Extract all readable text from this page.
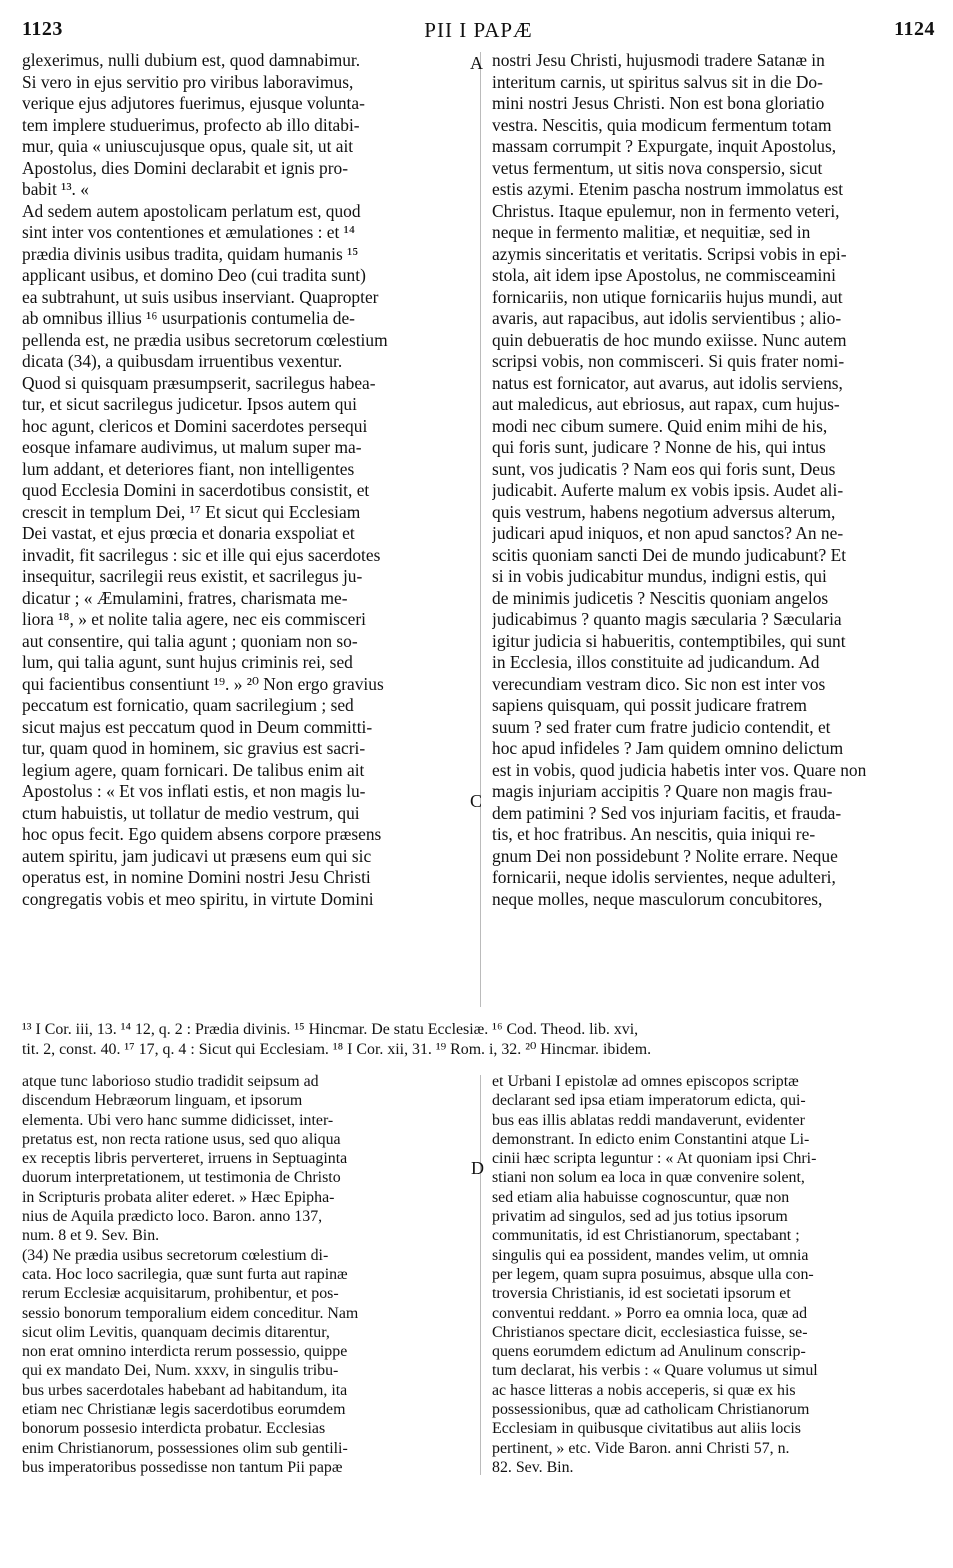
1123	PII I PAPÆ	1124
A
C
D
glexerimus, nulli dubium est, quod damnabimur.
Si vero in ejus servitio pro viribus laboravimus,
verique ejus adjutores fuerimus, ejusque volunta-
tem implere studuerimus, profecto ab illo ditabi-
mur, quia « uniuscujusque opus, quale sit, ut ait
Apostolus, dies Domini declarabit et ignis pro-
babit ¹³. «
Ad sedem autem apostolicam perlatum est, quod
sint inter vos contentiones et æmulationes : et ¹⁴
prædia divinis usibus tradita, quidam humanis ¹⁵
applicant usibus, et domino Deo (cui tradita sunt)
ea subtrahunt, ut suis usibus inserviant. Quapropter
ab omnibus illius ¹⁶ usurpationis contumelia de-
pellenda est, ne prædia usibus secretorum cœlestium
dicata (34), a quibusdam irruentibus vexentur.
Quod si quisquam præsumpserit, sacrilegus habea-
tur, et sicut sacrilegus judicetur. Ipsos autem qui
hoc agunt, clericos et Domini sacerdotes persequi
eosque infamare audivimus, ut malum super ma-
lum addant, et deteriores fiant, non intelligentes
quod Ecclesia Domini in sacerdotibus consistit, et
crescit in templum Dei, ¹⁷ Et sicut qui Ecclesiam
Dei vastat, et ejus prœcia et donaria exspoliat et
invadit, fit sacrilegus : sic et ille qui ejus sacerdotes
insequitur, sacrilegii reus existit, et sacrilegus ju-
dicatur ; « Æmulamini, fratres, charismata me-
liora ¹⁸, » et nolite talia agere, nec eis commisceri
aut consentire, qui talia agunt ; quoniam non so-
lum, qui talia agunt, sunt hujus criminis rei, sed
qui facientibus consentiunt ¹⁹. » ²⁰ Non ergo gravius
peccatum est fornicatio, quam sacrilegium ; sed
sicut majus est peccatum quod in Deum committi-
tur, quam quod in hominem, sic gravius est sacri-
legium agere, quam fornicari. De talibus enim ait
Apostolus : « Et vos inflati estis, et non magis lu-
ctum habuistis, ut tollatur de medio vestrum, qui
hoc opus fecit. Ego quidem absens corpore præsens
autem spiritu, jam judicavi ut præsens eum qui sic
operatus est, in nomine Domini nostri Jesu Christi
congregatis vobis et meo spiritu, in virtute Domini
nostri Jesu Christi, hujusmodi tradere Satanæ in
interitum carnis, ut spiritus salvus sit in die Do-
mini nostri Jesus Christi. Non est bona gloriatio
vestra. Nescitis, quia modicum fermentum totam
massam corrumpit ? Expurgate, inquit Apostolus,
vetus fermentum, ut sitis nova conspersio, sicut
estis azymi. Etenim pascha nostrum immolatus est
Christus. Itaque epulemur, non in fermento veteri,
neque in fermento malitiæ, et nequitiæ, sed in
azymis sinceritatis et veritatis. Scripsi vobis in epi-
stola, ait idem ipse Apostolus, ne commisceamini
fornicariis, non utique fornicariis hujus mundi, aut
avaris, aut rapacibus, aut idolis servientibus ; alio-
quin debueratis de hoc mundo exiisse. Nunc autem
scripsi vobis, non commisceri. Si quis frater nomi-
natus est fornicator, aut avarus, aut idolis serviens,
aut maledicus, aut ebriosus, aut rapax, cum hujus-
modi nec cibum sumere. Quid enim mihi de his,
qui foris sunt, judicare ? Nonne de his, qui intus
sunt, vos judicatis ? Nam eos qui foris sunt, Deus
judicabit. Auferte malum ex vobis ipsis. Audet ali-
quis vestrum, habens negotium adversus alterum,
judicari apud iniquos, et non apud sanctos? An ne-
scitis quoniam sancti Dei de mundo judicabunt? Et
si in vobis judicabitur mundus, indigni estis, qui
de minimis judicetis ? Nescitis quoniam angelos
judicabimus ? quanto magis sæcularia ? Sæcularia
igitur judicia si habueritis, contemptibiles, qui sunt
in Ecclesia, illos constituite ad judicandum. Ad
verecundiam vestram dico. Sic non est inter vos
sapiens quisquam, qui possit judicare fratrem
suum ? sed frater cum fratre judicio contendit, et
hoc apud infideles ? Jam quidem omnino delictum
est in vobis, quod judicia habetis inter vos. Quare non
magis injuriam accipitis ? Quare non magis frau-
dem patimini ? Sed vos injuriam facitis, et frauda-
tis, et hoc fratribus. An nescitis, quia iniqui re-
gnum Dei non possidebunt ? Nolite errare. Neque
fornicarii, neque idolis servientes, neque adulteri,
neque molles, neque masculorum concubitores,
¹³ I Cor. iii, 13. ¹⁴ 12, q. 2 : Prædia divinis. ¹⁵ Hincmar. De statu Ecclesiæ. ¹⁶ Cod. Theod. lib. xvi,
tit. 2, const. 40. ¹⁷ 17, q. 4 : Sicut qui Ecclesiam. ¹⁸ I Cor. xii, 31. ¹⁹ Rom. i, 32. ²⁰ Hincmar. ibidem.
atque tunc laborioso studio tradidit seipsum ad
discendum Hebræorum linguam, et ipsorum
elementa. Ubi vero hanc summe didicisset, inter-
pretatus est, non recta ratione usus, sed quo aliqua
ex receptis libris perverteret, irruens in Septuaginta
duorum interpretationem, ut testimonia de Christo
in Scripturis probata aliter ederet. » Hæc Epipha-
nius de Aquila prædicto loco. Baron. anno 137,
num. 8 et 9. Sev. Bin.
(34) Ne prædia usibus secretorum cœlestium di-
cata. Hoc loco sacrilegia, quæ sunt furta aut rapinæ
rerum Ecclesiæ acquisitarum, prohibentur, et pos-
sessio bonorum temporalium eidem conceditur. Nam
sicut olim Levitis, quanquam decimis ditarentur,
non erat omnino interdicta rerum possessio, quippe
qui ex mandato Dei, Num. xxxv, in singulis tribu-
bus urbes sacerdotales habebant ad habitandum, ita
etiam nec Christianæ legis sacerdotibus eorumdem
bonorum possesio interdicta probatur. Ecclesias
enim Christianorum, possessiones olim sub gentili-
bus imperatoribus possedisse non tantum Pii papæ
et Urbani I epistolæ ad omnes episcopos scriptæ
declarant sed ipsa etiam imperatorum edicta, qui-
bus eas illis ablatas reddi mandaverunt, evidenter
demonstrant. In edicto enim Constantini atque Li-
cinii hæc scripta leguntur : « At quoniam ipsi Chri-
stiani non solum ea loca in quæ convenire solent,
sed etiam alia habuisse cognoscuntur, quæ non
privatim ad singulos, sed ad jus totius ipsorum
communitatis, id est Christianorum, spectabant ;
singulis qui ea possident, mandes velim, ut omnia
per legem, quam supra posuimus, absque ulla con-
troversia Christianis, id est societati ipsorum et
conventui reddant. » Porro ea omnia loca, quæ ad
Christianos spectare dicit, ecclesiastica fuisse, se-
quens eorumdem edictum ad Anulinum conscrip-
tum declarat, his verbis : « Quare volumus ut simul
ac hasce litteras a nobis acceperis, si quæ ex his
possessionibus, quæ ad catholicam Christianorum
Ecclesiam in quibusque civitatibus aut aliis locis
pertinent, » etc. Vide Baron. anni Christi 57, n.
82. Sev. Bin.
